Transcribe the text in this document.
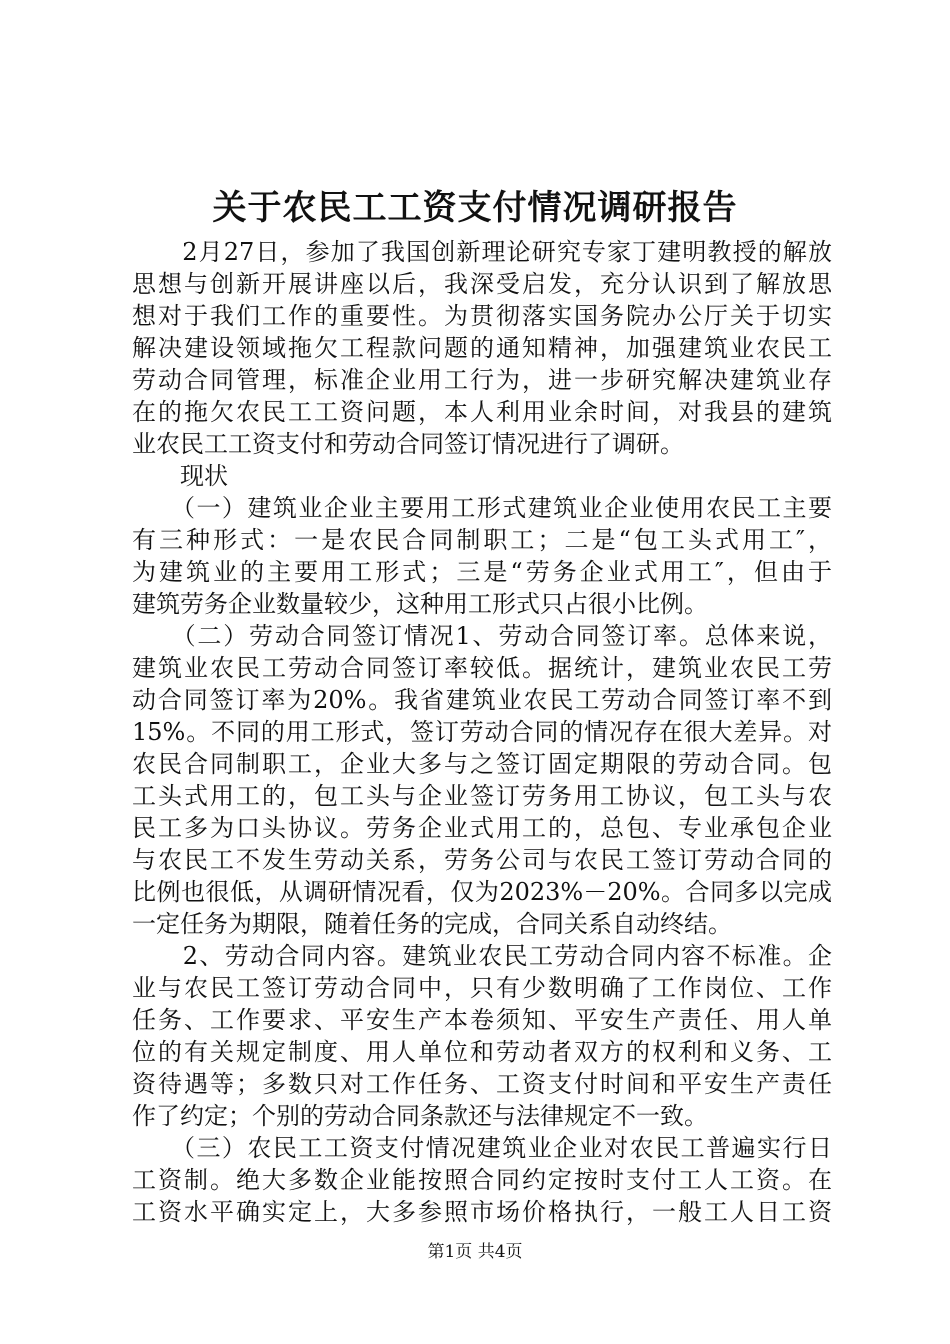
关于农民工工资支付情况调研报告

　　2月27日，参加了我国创新理论研究专家丁建明教授的解放

思想与创新开展讲座以后，我深受启发，充分认识到了解放思

想对于我们工作的重要性。为贯彻落实国务院办公厅关于切实

解决建设领域拖欠工程款问题的通知精神，加强建筑业农民工

劳动合同管理，标准企业用工行为，进一步研究解决建筑业存

在的拖欠农民工工资问题，本人利用业余时间，对我县的建筑

业农民工工资支付和劳动合同签订情况进行了调研。

　　现状

　　（一）建筑业企业主要用工形式建筑业企业使用农民工主要

有三种形式：一是农民合同制职工；二是“包工头式用工″，

为建筑业的主要用工形式；三是“劳务企业式用工″，但由于

建筑劳务企业数量较少，这种用工形式只占很小比例。

　　（二）劳动合同签订情况1、劳动合同签订率。总体来说，

建筑业农民工劳动合同签订率较低。据统计，建筑业农民工劳

动合同签订率为20%。我省建筑业农民工劳动合同签订率不到

15%。不同的用工形式，签订劳动合同的情况存在很大差异。对

农民合同制职工，企业大多与之签订固定期限的劳动合同。包

工头式用工的，包工头与企业签订劳务用工协议，包工头与农

民工多为口头协议。劳务企业式用工的，总包、专业承包企业

与农民工不发生劳动关系，劳务公司与农民工签订劳动合同的

比例也很低，从调研情况看，仅为2023%－20%。合同多以完成

一定任务为期限，随着任务的完成，合同关系自动终结。

　　2、劳动合同内容。建筑业农民工劳动合同内容不标准。企

业与农民工签订劳动合同中，只有少数明确了工作岗位、工作

任务、工作要求、平安生产本卷须知、平安生产责任、用人单

位的有关规定制度、用人单位和劳动者双方的权利和义务、工

资待遇等；多数只对工作任务、工资支付时间和平安生产责任

作了约定；个别的劳动合同条款还与法律规定不一致。

　　（三）农民工工资支付情况建筑业企业对农民工普遍实行日

工资制。绝大多数企业能按照合同约定按时支付工人工资。在

工资水平确实定上，大多参照市场价格执行，一般工人日工资

第1页 共4页
